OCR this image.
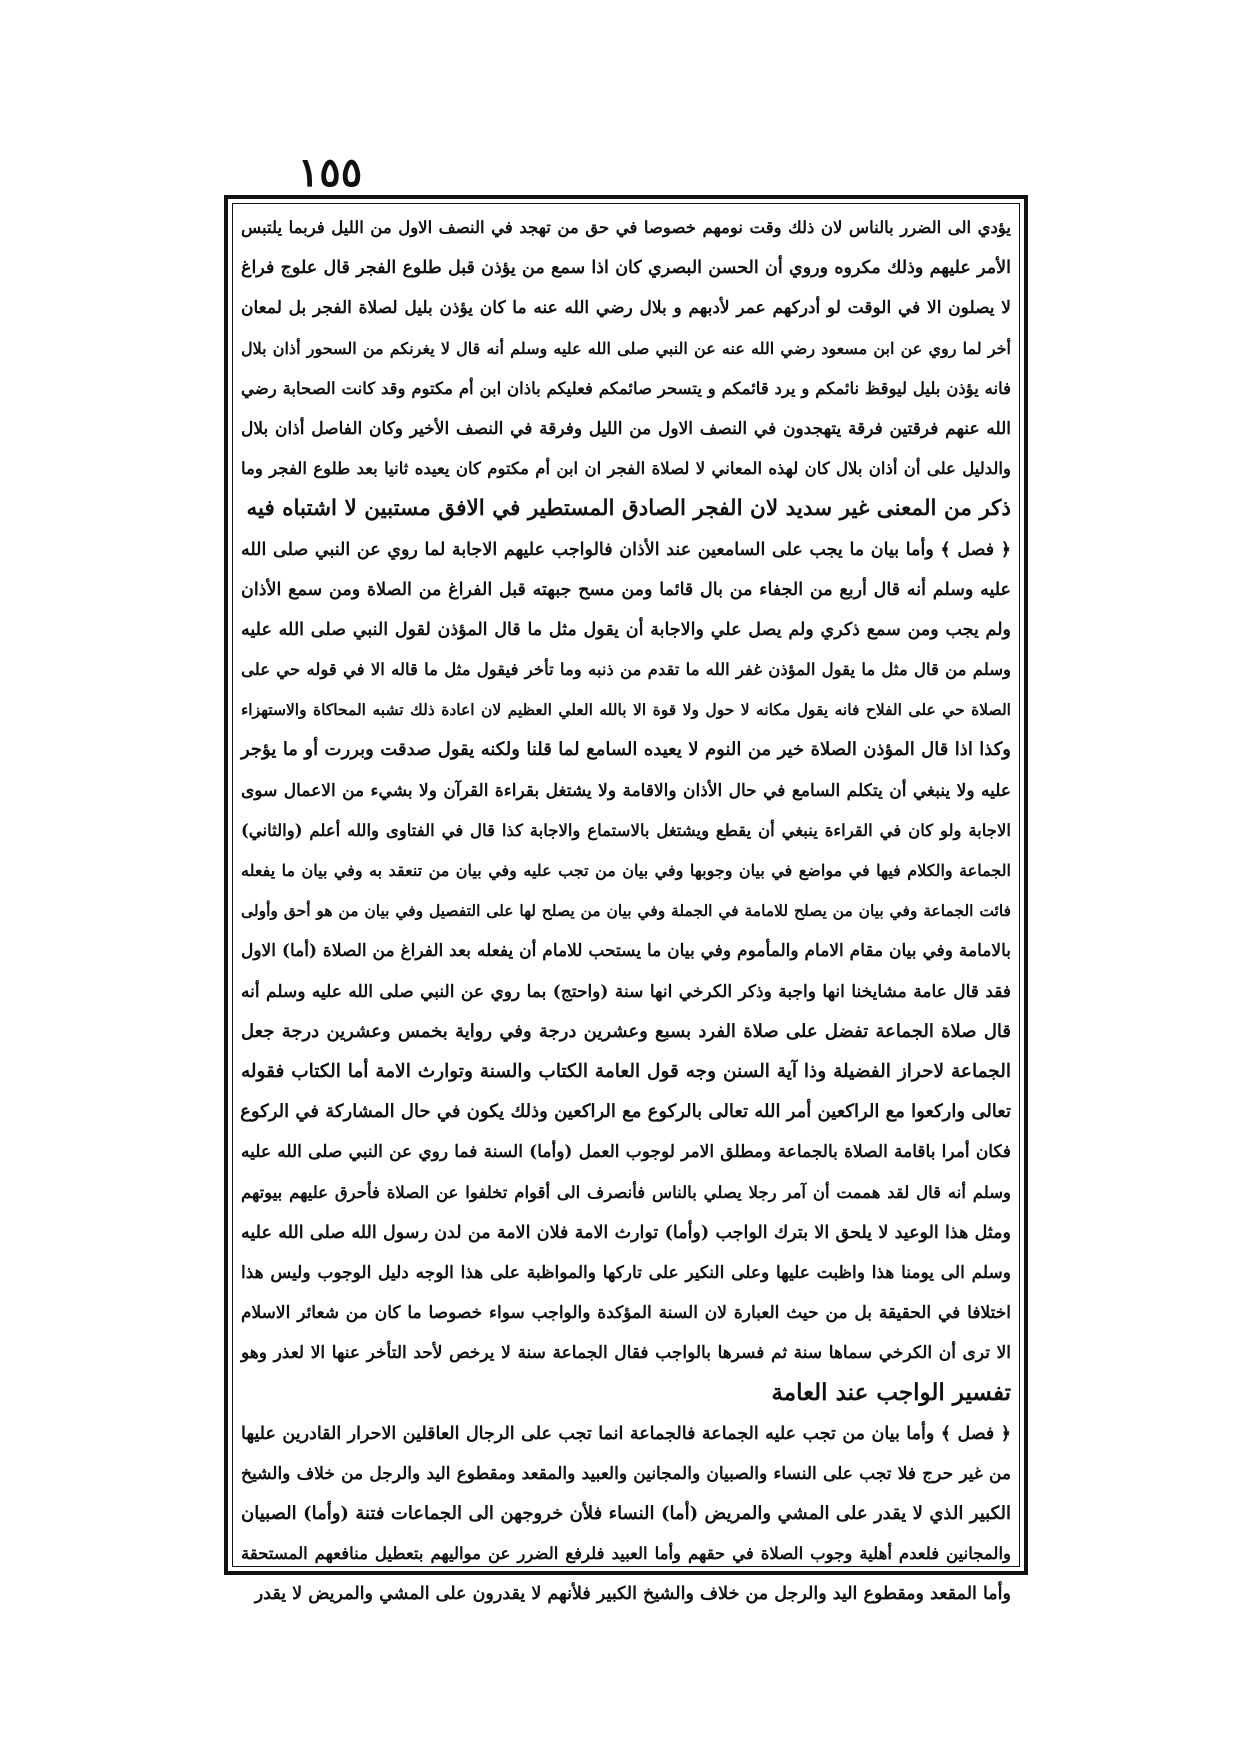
١٥٥
يؤدي الى الضرر بالناس لان ذلك وقت نومهم خصوصا في حق من تهجد في النصف الاول من الليل فربما يلتبس
الأمر عليهم وذلك مكروه وروي أن الحسن البصري كان اذا سمع من يؤذن قبل طلوع الفجر قال علوج فراغ
لا يصلون الا في الوقت لو أدركهم عمر لأدبهم و بلال رضي الله عنه ما كان يؤذن بليل لصلاة الفجر بل لمعان
أخر لما روي عن ابن مسعود رضي الله عنه عن النبي صلى الله عليه وسلم أنه قال لا يغرنكم من السحور أذان بلال
فانه يؤذن بليل ليوقظ نائمكم و يرد قائمكم و يتسحر صائمكم فعليكم باذان ابن أم مكتوم وقد كانت الصحابة رضي
الله عنهم فرقتين فرقة يتهجدون في النصف الاول من الليل وفرقة في النصف الأخير وكان الفاصل أذان بلال
والدليل على أن أذان بلال كان لهذه المعاني لا لصلاة الفجر ان ابن أم مكتوم كان يعيده ثانيا بعد طلوع الفجر وما
ذكر من المعنى غير سديد لان الفجر الصادق المستطير في الافق مستبين لا اشتباه فيه
﴿ فصل ﴾ وأما بيان ما يجب على السامعين عند الأذان فالواجب عليهم الاجابة لما روي عن النبي صلى الله
عليه وسلم أنه قال أربع من الجفاء من بال قائما ومن مسح جبهته قبل الفراغ من الصلاة ومن سمع الأذان
ولم يجب ومن سمع ذكري ولم يصل علي والاجابة أن يقول مثل ما قال المؤذن لقول النبي صلى الله عليه
وسلم من قال مثل ما يقول المؤذن غفر الله ما تقدم من ذنبه وما تأخر فيقول مثل ما قاله الا في قوله حي على
الصلاة حي على الفلاح فانه يقول مكانه لا حول ولا قوة الا بالله العلي العظيم لان اعادة ذلك تشبه المحاكاة والاستهزاء
وكذا اذا قال المؤذن الصلاة خير من النوم لا يعيده السامع لما قلنا ولكنه يقول صدقت وبررت أو ما يؤجر
عليه ولا ينبغي أن يتكلم السامع في حال الأذان والاقامة ولا يشتغل بقراءة القرآن ولا بشيء من الاعمال سوى
الاجابة ولو كان في القراءة ينبغي أن يقطع ويشتغل بالاستماع والاجابة كذا قال في الفتاوى والله أعلم (والثاني)
الجماعة والكلام فيها في مواضع في بيان وجوبها وفي بيان من تجب عليه وفي بيان من تنعقد به وفي بيان ما يفعله
فائت الجماعة وفي بيان من يصلح للامامة في الجملة وفي بيان من يصلح لها على التفصيل وفي بيان من هو أحق وأولى
بالامامة وفي بيان مقام الامام والمأموم وفي بيان ما يستحب للامام أن يفعله بعد الفراغ من الصلاة (أما) الاول
فقد قال عامة مشايخنا انها واجبة وذكر الكرخي انها سنة (واحتج) بما روي عن النبي صلى الله عليه وسلم أنه
قال صلاة الجماعة تفضل على صلاة الفرد بسبع وعشرين درجة وفي رواية بخمس وعشرين درجة جعل
الجماعة لاحراز الفضيلة وذا آية السنن وجه قول العامة الكتاب والسنة وتوارث الامة أما الكتاب فقوله
تعالى واركعوا مع الراكعين أمر الله تعالى بالركوع مع الراكعين وذلك يكون في حال المشاركة في الركوع
فكان أمرا باقامة الصلاة بالجماعة ومطلق الامر لوجوب العمل (وأما) السنة فما روي عن النبي صلى الله عليه
وسلم أنه قال لقد هممت أن آمر رجلا يصلي بالناس فأنصرف الى أقوام تخلفوا عن الصلاة فأحرق عليهم بيوتهم
ومثل هذا الوعيد لا يلحق الا بترك الواجب (وأما) توارث الامة فلان الامة من لدن رسول الله صلى الله عليه
وسلم الى يومنا هذا واظبت عليها وعلى النكير على تاركها والمواظبة على هذا الوجه دليل الوجوب وليس هذا
اختلافا في الحقيقة بل من حيث العبارة لان السنة المؤكدة والواجب سواء خصوصا ما كان من شعائر الاسلام
الا ترى أن الكرخي سماها سنة ثم فسرها بالواجب فقال الجماعة سنة لا يرخص لأحد التأخر عنها الا لعذر وهو
تفسير الواجب عند العامة
﴿ فصل ﴾ وأما بيان من تجب عليه الجماعة فالجماعة انما تجب على الرجال العاقلين الاحرار القادرين عليها
من غير حرج فلا تجب على النساء والصبيان والمجانين والعبيد والمقعد ومقطوع اليد والرجل من خلاف والشيخ
الكبير الذي لا يقدر على المشي والمريض (أما) النساء فلأن خروجهن الى الجماعات فتنة (وأما) الصبيان
والمجانين فلعدم أهلية وجوب الصلاة في حقهم وأما العبيد فلرفع الضرر عن مواليهم بتعطيل منافعهم المستحقة
وأما المقعد ومقطوع اليد والرجل من خلاف والشيخ الكبير فلأنهم لا يقدرون على المشي والمريض لا يقدر
